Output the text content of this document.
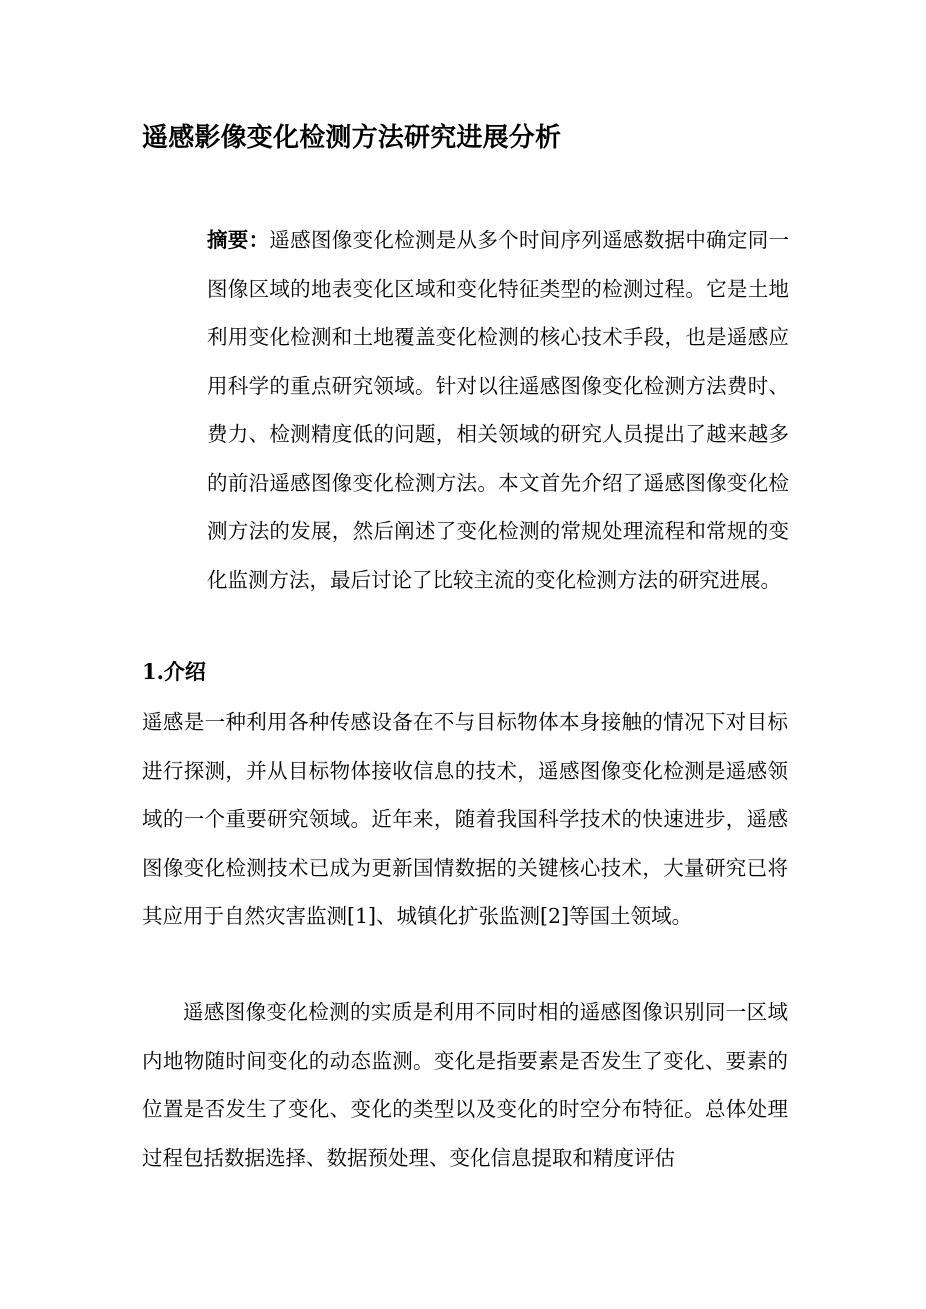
遥感影像变化检测方法研究进展分析
摘要：遥感图像变化检测是从多个时间序列遥感数据中确定同一图像区域的地表变化区域和变化特征类型的检测过程。它是土地利用变化检测和土地覆盖变化检测的核心技术手段，也是遥感应用科学的重点研究领域。针对以往遥感图像变化检测方法费时、费力、检测精度低的问题，相关领域的研究人员提出了越来越多的前沿遥感图像变化检测方法。本文首先介绍了遥感图像变化检测方法的发展，然后阐述了变化检测的常规处理流程和常规的变化监测方法，最后讨论了比较主流的变化检测方法的研究进展。
1.介绍

遥感是一种利用各种传感设备在不与目标物体本身接触的情况下对目标进行探测，并从目标物体接收信息的技术，遥感图像变化检测是遥感领域的一个重要研究领域。近年来，随着我国科学技术的快速进步，遥感图像变化检测技术已成为更新国情数据的关键核心技术，大量研究已将其应用于自然灾害监测[1]、城镇化扩张监测[2]等国土领域。

遥感图像变化检测的实质是利用不同时相的遥感图像识别同一区域内地物随时间变化的动态监测。变化是指要素是否发生了变化、要素的位置是否发生了变化、变化的类型以及变化的时空分布特征。总体处理过程包括数据选择、数据预处理、变化信息提取和精度评估
